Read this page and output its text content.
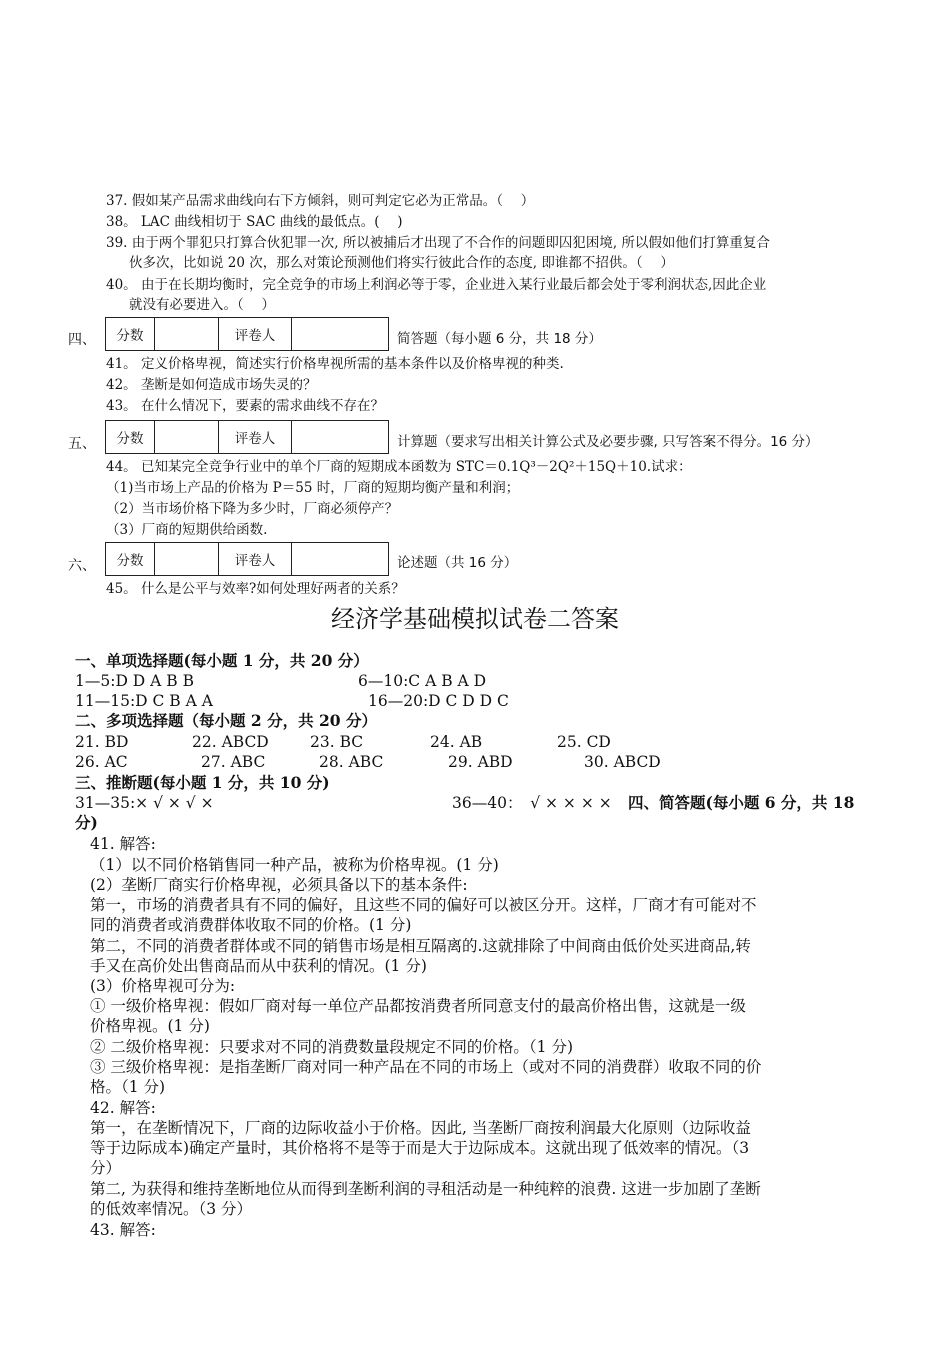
37. 假如某产品需求曲线向右下方倾斜，则可判定它必为正常品。（　 ）
38。 LAC 曲线相切于 SAC 曲线的最低点。(　 )
39. 由于两个罪犯只打算合伙犯罪一次, 所以被捕后才出现了不合作的问题即囚犯困境, 所以假如他们打算重复合
伙多次，比如说 20 次，那么对策论预测他们将实行彼此合作的态度, 即谁都不招供。（　 ）
40。 由于在长期均衡时，完全竞争的市场上利润必等于零，企业进入某行业最后都会处于零利润状态,因此企业
就没有必要进入。（　 ）
四、 分数		评卷人		简答题（每小题 6 分，共 18 分）
41。 定义价格卑视，简述实行价格卑视所需的基本条件以及价格卑视的种类.
42。 垄断是如何造成市场失灵的？
43。 在什么情况下，要素的需求曲线不存在？
五、 分数		评卷人		计算题（要求写出相关计算公式及必要步骤, 只写答案不得分。16 分）
44。 已知某完全竞争行业中的单个厂商的短期成本函数为 STC＝0.1Q³－2Q²＋15Q＋10.试求：
（1)当市场上产品的价格为 P＝55 时，厂商的短期均衡产量和利润；
（2）当市场价格下降为多少时，厂商必须停产？
（3）厂商的短期供给函数.
六、 分数		评卷人		论述题（共 16 分）
45。 什么是公平与效率?如何处理好两者的关系？
经济学基础模拟试卷二答案
一、单项选择题(每小题 1 分，共 20 分）
1—5:D D A B B	6—10:C A B A D
11—15:D C B A A	16—20:D C D D C
二、多项选择题（每小题 2 分，共 20 分）
21. BD	22. ABCD	23. BC	24. AB	25. CD
26. AC	27. ABC	28. ABC	29. ABD	30. ABCD
三、推断题(每小题 1 分，共 10 分)
31—35:× √ × √ ×	36—40：　√ × × × × 四、简答题(每小题 6 分，共 18
分)
41. 解答:
（1）以不同价格销售同一种产品，被称为价格卑视。(1 分)
(2）垄断厂商实行价格卑视，必须具备以下的基本条件:
第一，市场的消费者具有不同的偏好，且这些不同的偏好可以被区分开。这样，厂商才有可能对不
同的消费者或消费群体收取不同的价格。(1 分)
第二，不同的消费者群体或不同的销售市场是相互隔离的.这就排除了中间商由低价处买进商品,转
手又在高价处出售商品而从中获利的情况。(1 分)
(3）价格卑视可分为:
① 一级价格卑视：假如厂商对每一单位产品都按消费者所同意支付的最高价格出售，这就是一级
价格卑视。(1 分)
② 二级价格卑视：只要求对不同的消费数量段规定不同的价格。（1 分)
③ 三级价格卑视：是指垄断厂商对同一种产品在不同的市场上（或对不同的消费群）收取不同的价
格。（1 分)
42. 解答:
第一，在垄断情况下，厂商的边际收益小于价格。因此, 当垄断厂商按利润最大化原则（边际收益
等于边际成本)确定产量时，其价格将不是等于而是大于边际成本。这就出现了低效率的情况。（3
分）
第二, 为获得和维持垄断地位从而得到垄断利润的寻租活动是一种纯粹的浪费. 这进一步加剧了垄断
的低效率情况。（3 分）
43. 解答:
